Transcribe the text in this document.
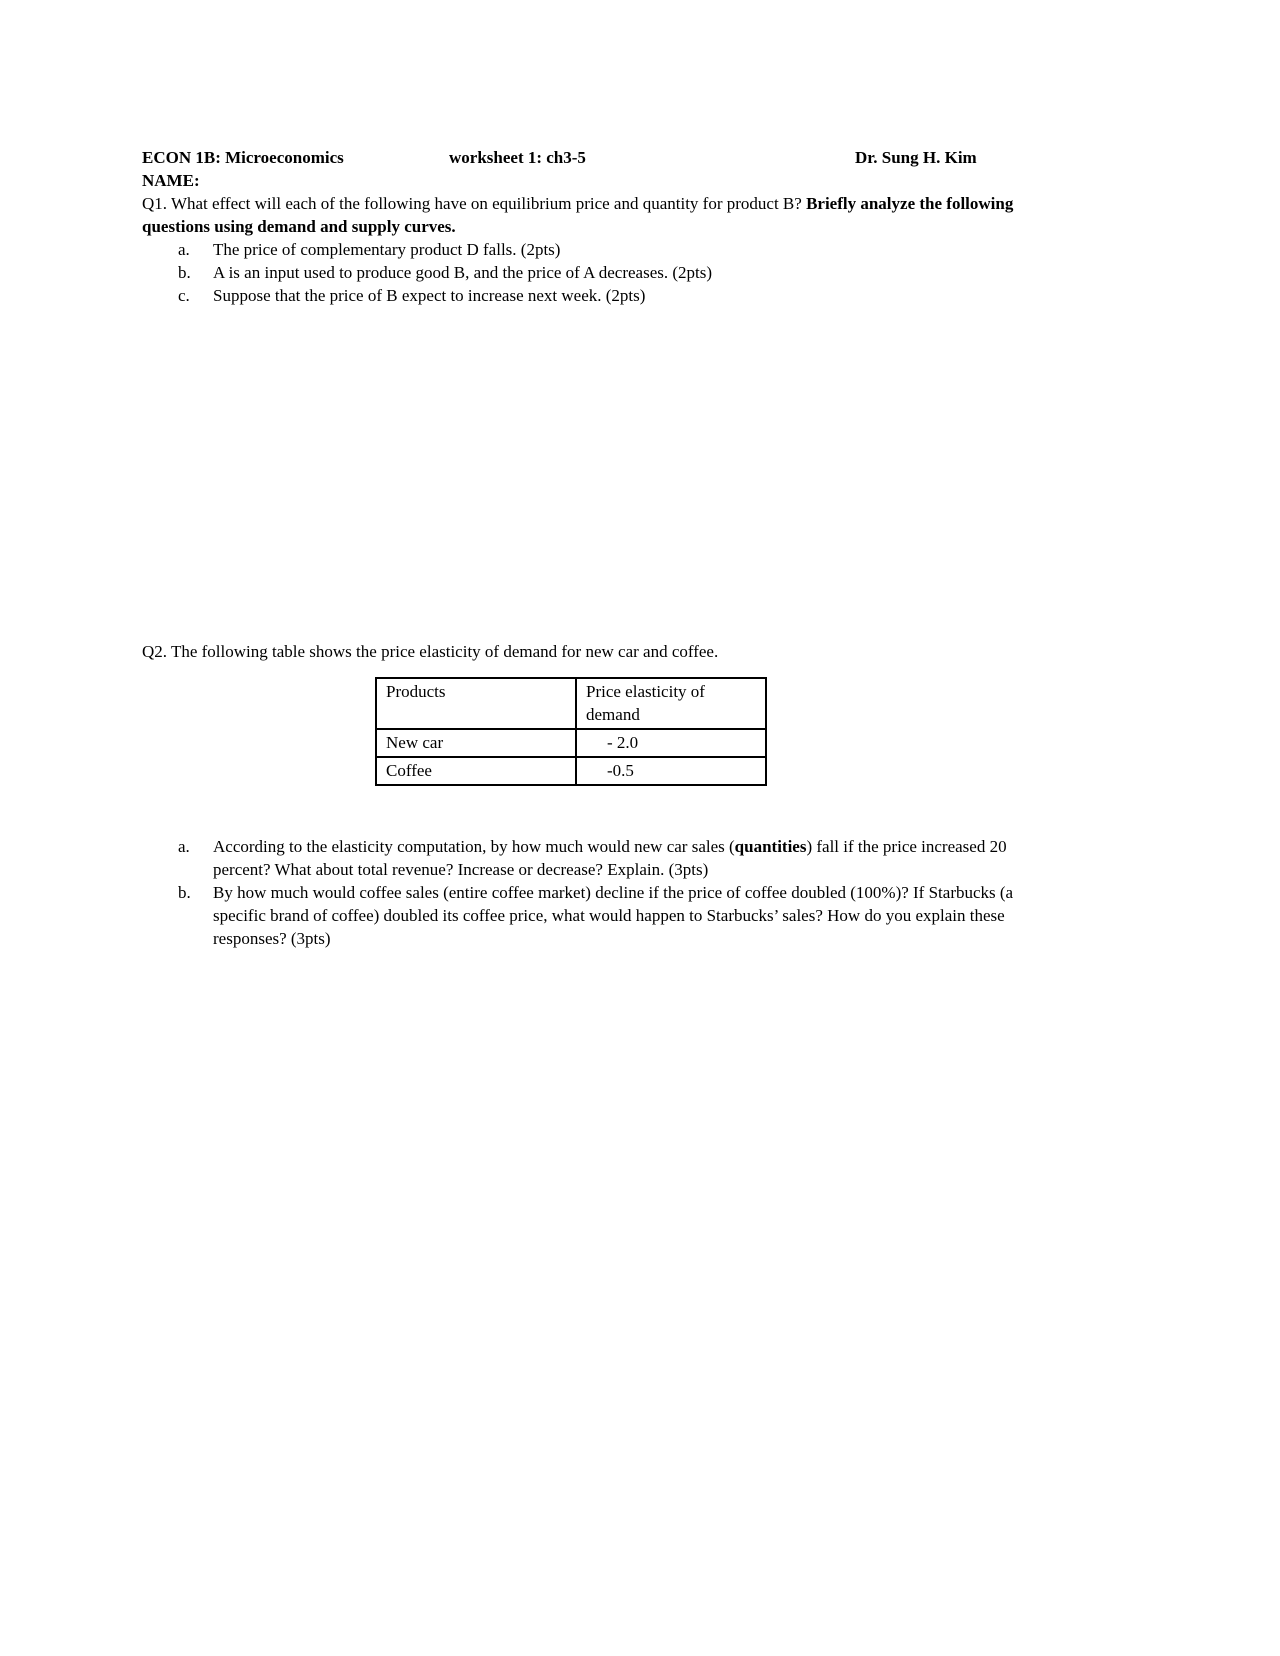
ECON 1B: Microeconomics	worksheet 1: ch3-5	Dr. Sung H. Kim
NAME:

Q1. What effect will each of the following have on equilibrium price and quantity for product B? Briefly analyze the following questions using demand and supply curves.

a.	The price of complementary product D falls. (2pts)
b.	A is an input used to produce good B, and the price of A decreases. (2pts)
c.	Suppose that the price of B expect to increase next week. (2pts)

Q2. The following table shows the price elasticity of demand for new car and coffee.

Products	Price elasticity of demand
New car	- 2.0
Coffee	-0.5
a.	According to the elasticity computation, by how much would new car sales (quantities) fall if the price increased 20 percent? What about total revenue? Increase or decrease? Explain. (3pts)
b.	By how much would coffee sales (entire coffee market) decline if the price of coffee doubled (100%)? If Starbucks (a specific brand of coffee) doubled its coffee price, what would happen to Starbucks’ sales? How do you explain these responses? (3pts)
